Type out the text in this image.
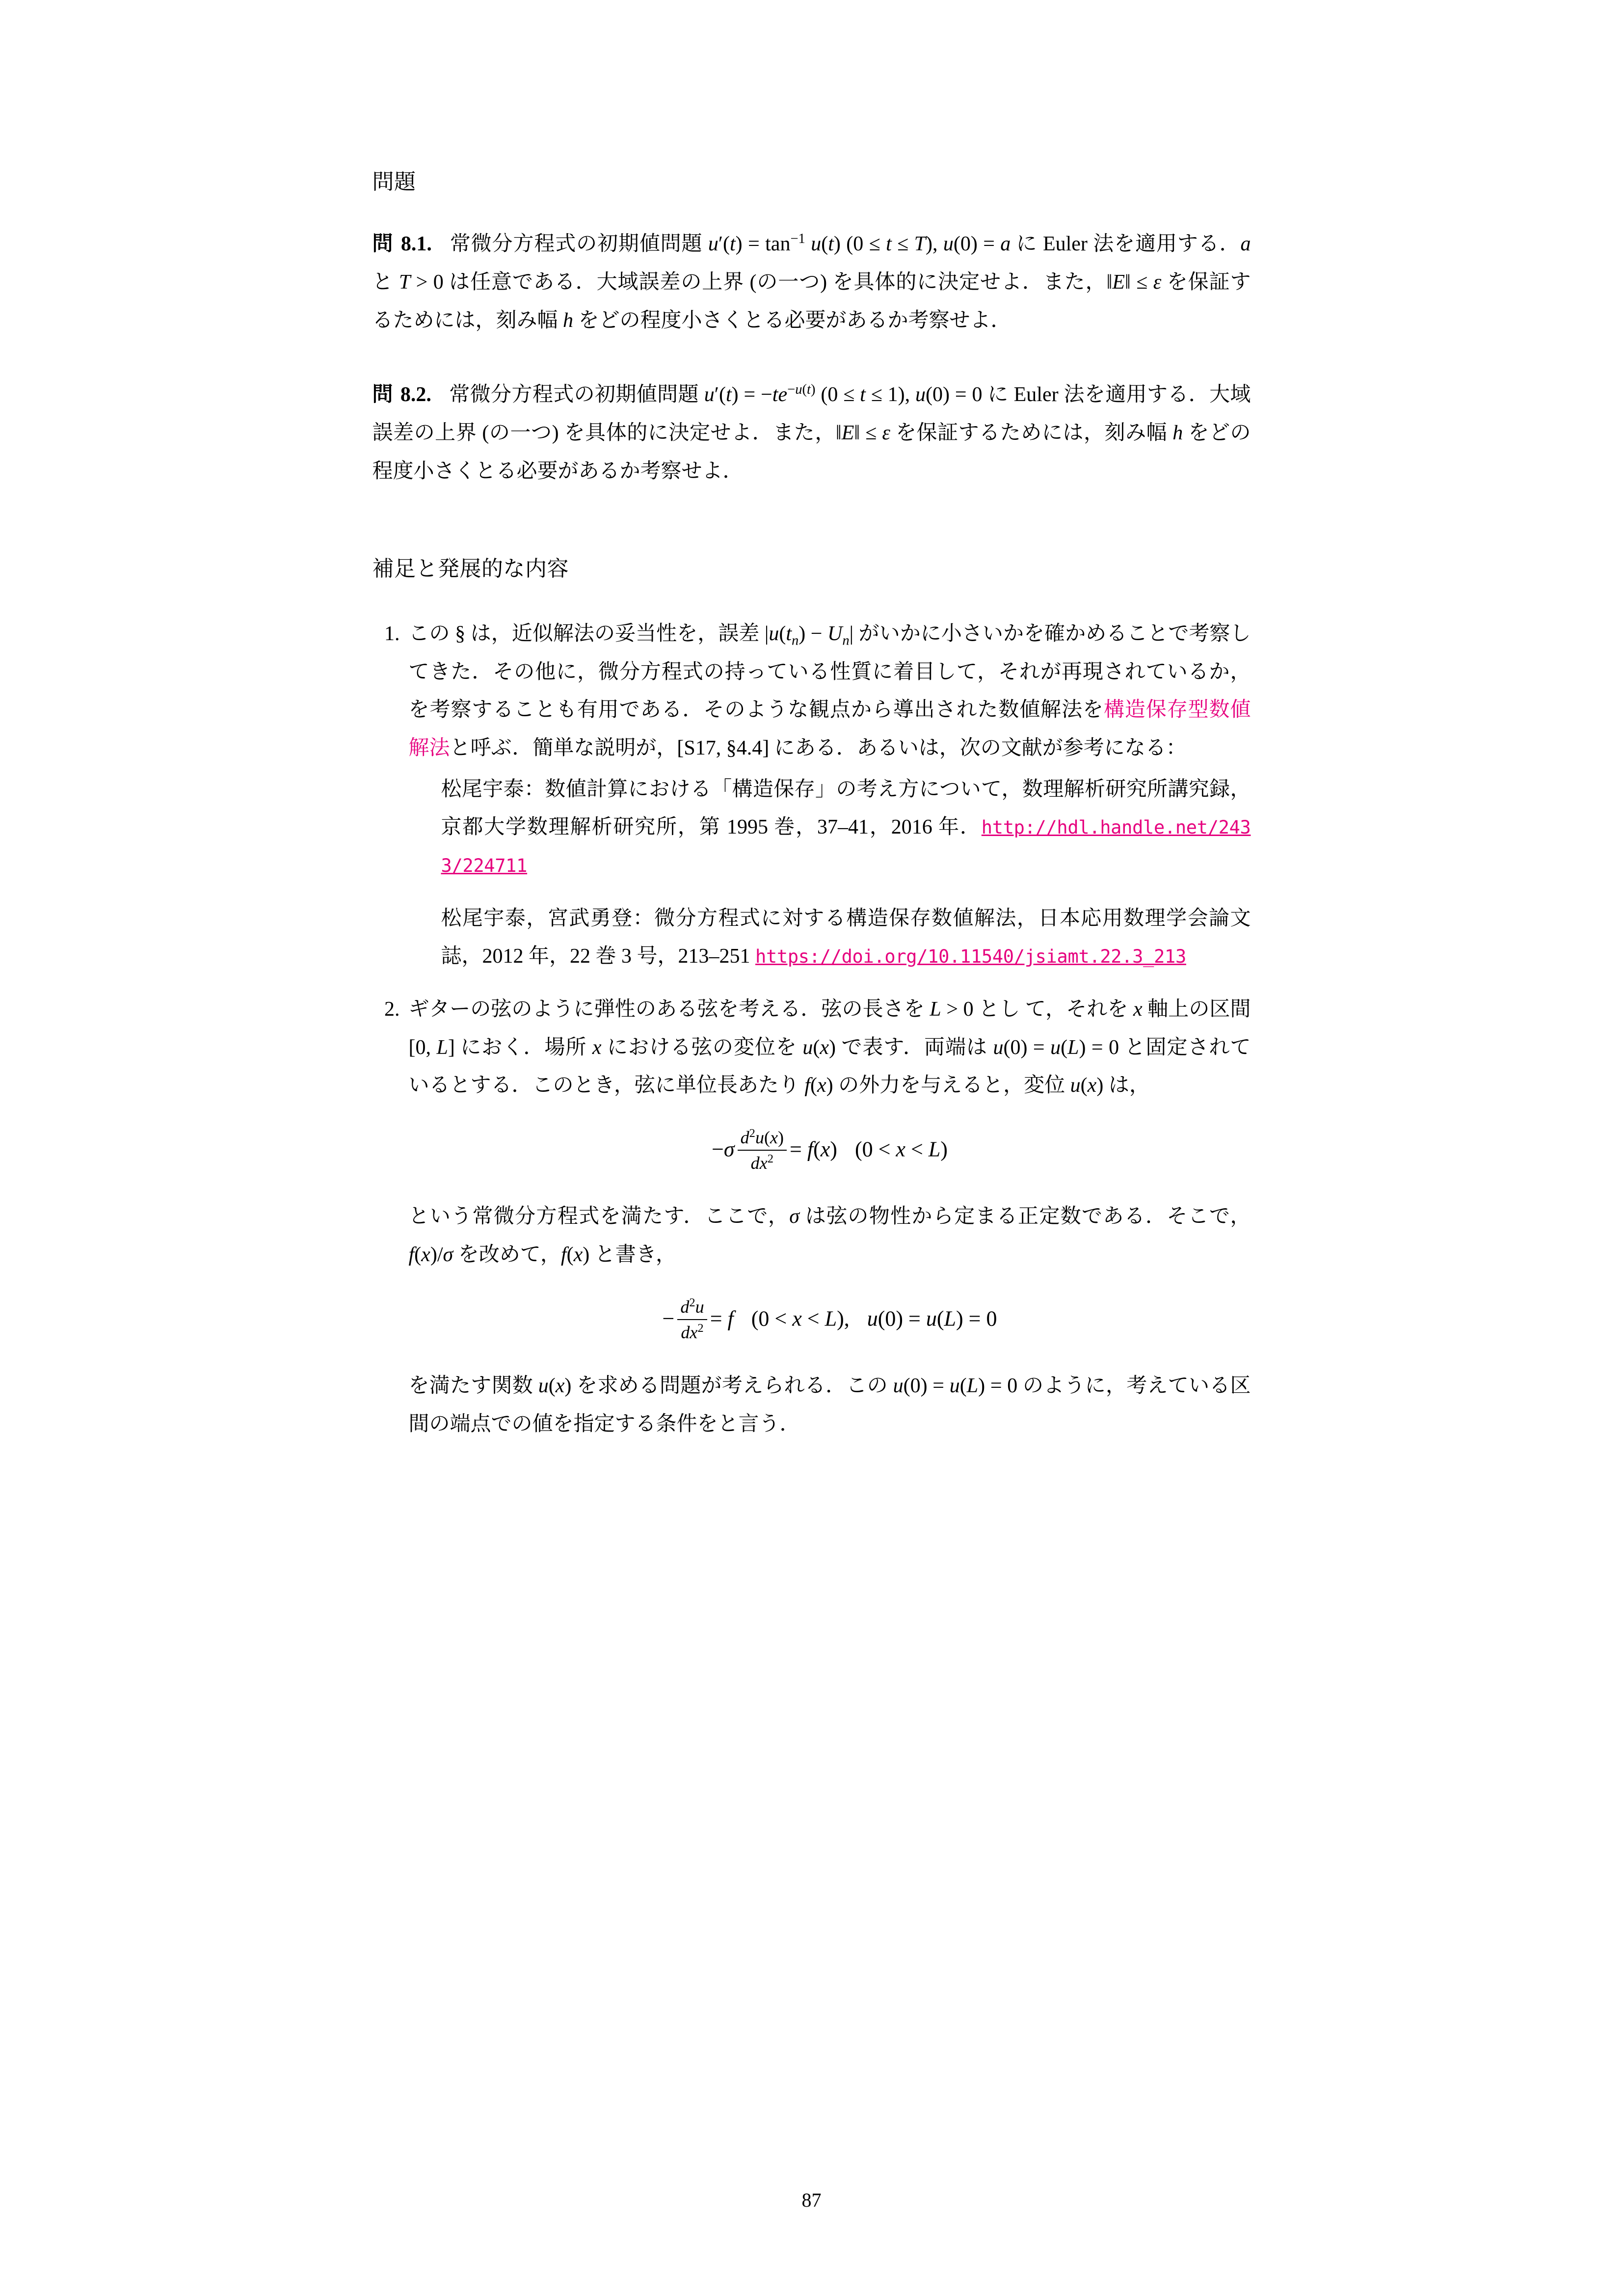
問題

問 8.1. 常微分方程式の初期値問題 $u'(t) = \tan^{-1} u(t) (0 \le t \le T)$, u(0) = a に Euler 法を適用する．a と T > 0 は任意である．大域誤差の上界 (の一つ) を具体的に決定せよ．また，‖E‖ ≤ ε を保証するためには，刻み幅 h をどの程度小さくとる必要があるか考察せよ．

問 8.2. 常微分方程式の初期値問題 $u'(t) = -te^{-u(t)}$ (0 ≤ t ≤ 1), u(0) = 0 に Euler 法を適用する．大域誤差の上界 (の一つ) を具体的に決定せよ．また，‖E‖ ≤ ε を保証するためには，刻み幅 h をどの程度小さくとる必要があるか考察せよ．

補足と発展的な内容
1. この § は，近似解法の妥当性を，誤差 $|u(t_n) - U_n|$ がいかに小さいかを確かめることで考察してきた．その他に，微分方程式の持っている性質に着目して，それが再現されているか，を考察することも有用である．そのような観点から導出された数値解法を構造保存型数値解法と呼ぶ．簡単な説明が，[S17, §4.4] にある．あるいは，次の文献が参考になる：
松尾宇泰：数値計算における「構造保存」の考え方について，数理解析研究所講究録，京都大学数理解析研究所，第 1995 巻，37–41，2016 年．http://hdl.handle.net/2433/224711
松尾宇泰，宮武勇登：微分方程式に対する構造保存数値解法，日本応用数理学会論文誌，2012 年，22 巻 3 号，213–251 https://doi.org/10.11540/jsiamt.22.3_213
2. ギターの弦のように弾性のある弦を考える．弦の長さを L > 0 とし て，それを x 軸上の区間 [0, L] におく．場所 x における弦の変位を u(x) で表す．両端は u(0) = u(L) = 0 と固定されているとする．このとき，弦に単位長あたり f(x) の外力を与えると，変位 u(x) は，
$-\sigma \frac{d^2u(x)}{dx^2} = f(x) (0 < x < L)$
という常微分方程式を満たす．ここで，σ は弦の物性から定まる正定数である．そこで，f(x)/σ を改めて，f(x) と書き，
− $\frac{d^2u}{dx^2} = f$ (0 < x < L), u(0) = u(L) = 0
を満たす関数 u(x) を求める問題が考えられる．この u(0) = u(L) = 0 のように，考えている区間の端点での値を指定する条件をと言う．
87
